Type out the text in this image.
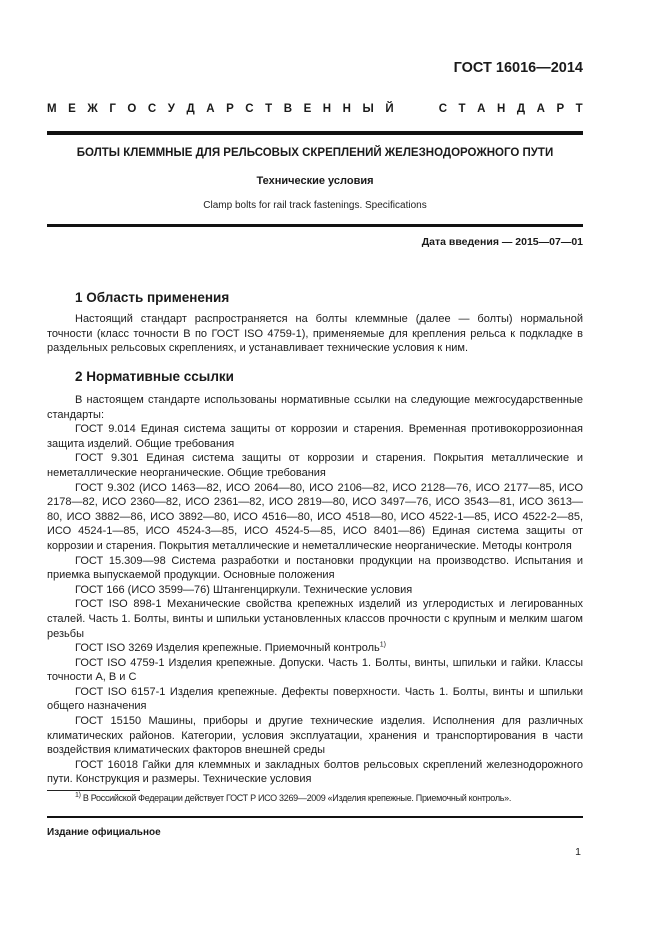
ГОСТ 16016—2014
М Е Ж Г О С У Д А Р С Т В Е Н Н Ы Й	С Т А Н Д А Р Т
БОЛТЫ КЛЕММНЫЕ ДЛЯ РЕЛЬСОВЫХ СКРЕПЛЕНИЙ ЖЕЛЕЗНОДОРОЖНОГО ПУТИ
Технические условия
Clamp bolts for rail track fastenings. Specifications
Дата введения — 2015—07—01
1 Область применения

Настоящий стандарт распространяется на болты клеммные (далее — болты) нормальной точности (класс точности В по ГОСТ ISO 4759-1), применяемые для крепления рельса к подкладке в раздельных рельсовых скреплениях, и устанавливает технические условия к ним.

2 Нормативные ссылки

В настоящем стандарте использованы нормативные ссылки на следующие межгосударственные стандарты:

ГОСТ 9.014 Единая система защиты от коррозии и старения. Временная противокоррозионная защита изделий. Общие требования

ГОСТ 9.301 Единая система защиты от коррозии и старения. Покрытия металлические и неметаллические неорганические. Общие требования

ГОСТ 9.302 (ИСО 1463—82, ИСО 2064—80, ИСО 2106—82, ИСО 2128—76, ИСО 2177—85, ИСО 2178—82, ИСО 2360—82, ИСО 2361—82, ИСО 2819—80, ИСО 3497—76, ИСО 3543—81, ИСО 3613—80, ИСО 3882—86, ИСО 3892—80, ИСО 4516—80, ИСО 4518—80, ИСО 4522-1—85, ИСО 4522-2—85, ИСО 4524-1—85, ИСО 4524-3—85, ИСО 4524-5—85, ИСО 8401—86) Единая система защиты от коррозии и старения. Покрытия металлические и неметаллические неорганические. Методы контроля

ГОСТ 15.309—98 Система разработки и постановки продукции на производство. Испытания и приемка выпускаемой продукции. Основные положения

ГОСТ 166 (ИСО 3599—76) Штангенциркули. Технические условия

ГОСТ ISO 898-1 Механические свойства крепежных изделий из углеродистых и легированных сталей. Часть 1. Болты, винты и шпильки установленных классов прочности с крупным и мелким шагом резьбы

ГОСТ ISO 3269 Изделия крепежные. Приемочный контроль$^{1)}$

ГОСТ ISO 4759-1 Изделия крепежные. Допуски. Часть 1. Болты, винты, шпильки и гайки. Классы точности А, В и С

ГОСТ ISO 6157-1 Изделия крепежные. Дефекты поверхности. Часть 1. Болты, винты и шпильки общего назначения

ГОСТ 15150 Машины, приборы и другие технические изделия. Исполнения для различных климатических районов. Категории, условия эксплуатации, хранения и транспортирования в части воздействия климатических факторов внешней среды

ГОСТ 16018 Гайки для клеммных и закладных болтов рельсовых скреплений железнодорожного пути. Конструкция и размеры. Технические условия

$^{1)}$ В Российской Федерации действует ГОСТ Р ИСО 3269—2009 «Изделия крепежные. Приемочный контроль».
Издание официальное
1
